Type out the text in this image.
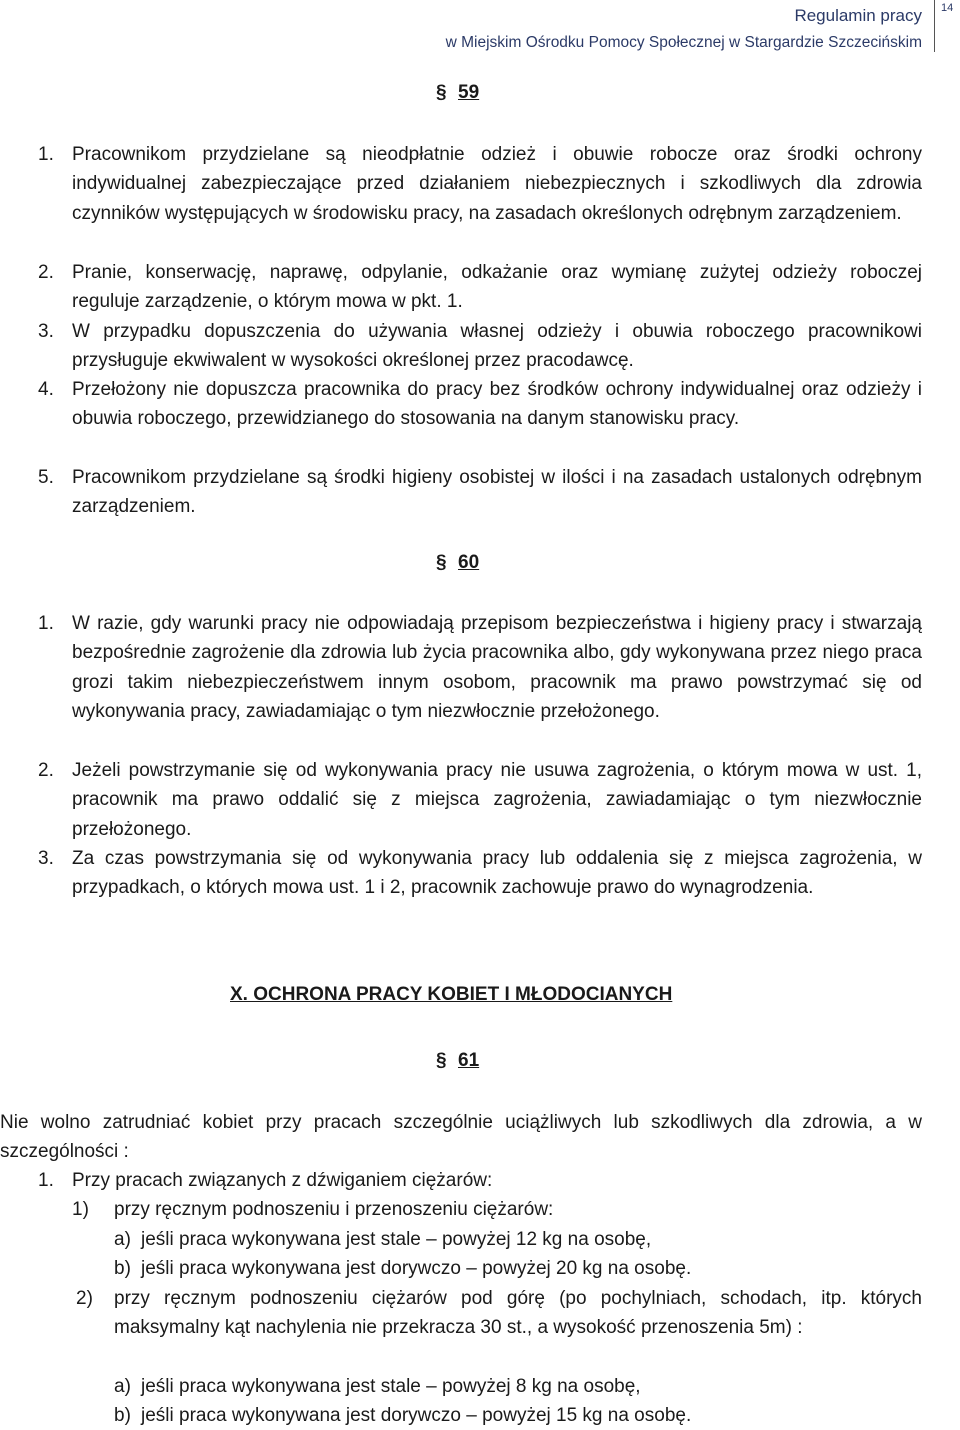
Regulamin pracy
w Miejskim Ośrodku Pomocy Społecznej w Stargardzie Szczecińskim
14
§ 59
1. Pracownikom przydzielane są nieodpłatnie odzież i obuwie robocze oraz środki ochrony indywidualnej zabezpieczające przed działaniem niebezpiecznych i szkodliwych dla zdrowia czynników występujących w środowisku pracy, na zasadach określonych odrębnym zarządzeniem.
2. Pranie, konserwację, naprawę, odpylanie, odkażanie oraz wymianę zużytej odzieży roboczej reguluje zarządzenie, o którym mowa w pkt. 1.
3. W przypadku dopuszczenia do używania własnej odzieży i obuwia roboczego pracownikowi przysługuje ekwiwalent w wysokości określonej przez pracodawcę.
4. Przełożony nie dopuszcza pracownika do pracy bez środków ochrony indywidualnej oraz odzieży i obuwia roboczego, przewidzianego do stosowania na danym stanowisku pracy.
5. Pracownikom przydzielane są środki higieny osobistej w ilości i na zasadach ustalonych odrębnym zarządzeniem.
§ 60
1. W razie, gdy warunki pracy nie odpowiadają przepisom bezpieczeństwa i higieny pracy i stwarzają bezpośrednie zagrożenie dla zdrowia lub życia pracownika albo, gdy wykonywana przez niego praca grozi takim niebezpieczeństwem innym osobom, pracownik ma prawo powstrzymać się od wykonywania pracy, zawiadamiając o tym niezwłocznie przełożonego.
2. Jeżeli powstrzymanie się od wykonywania pracy nie usuwa zagrożenia, o którym mowa w ust. 1, pracownik ma prawo oddalić się z miejsca zagrożenia, zawiadamiając o tym niezwłocznie przełożonego.
3. Za czas powstrzymania się od wykonywania pracy lub oddalenia się z miejsca zagrożenia, w przypadkach, o których mowa ust. 1 i 2, pracownik zachowuje prawo do wynagrodzenia.
X. OCHRONA PRACY KOBIET I MŁODOCIANYCH
§ 61
Nie wolno zatrudniać kobiet przy pracach szczególnie uciążliwych lub szkodliwych dla zdrowia, a w szczególności :
1. Przy pracach związanych z dźwiganiem ciężarów:
1) przy ręcznym podnoszeniu i przenoszeniu ciężarów:
a) jeśli praca wykonywana jest stale – powyżej 12 kg na osobę,
b) jeśli praca wykonywana jest dorywczo – powyżej 20 kg na osobę.
2) przy ręcznym podnoszeniu ciężarów pod górę (po pochylniach, schodach, itp. których maksymalny kąt nachylenia nie przekracza 30 st., a wysokość przenoszenia 5m) :
a) jeśli praca wykonywana jest stale – powyżej 8 kg na osobę,
b) jeśli praca wykonywana jest dorywczo – powyżej 15 kg na osobę.
